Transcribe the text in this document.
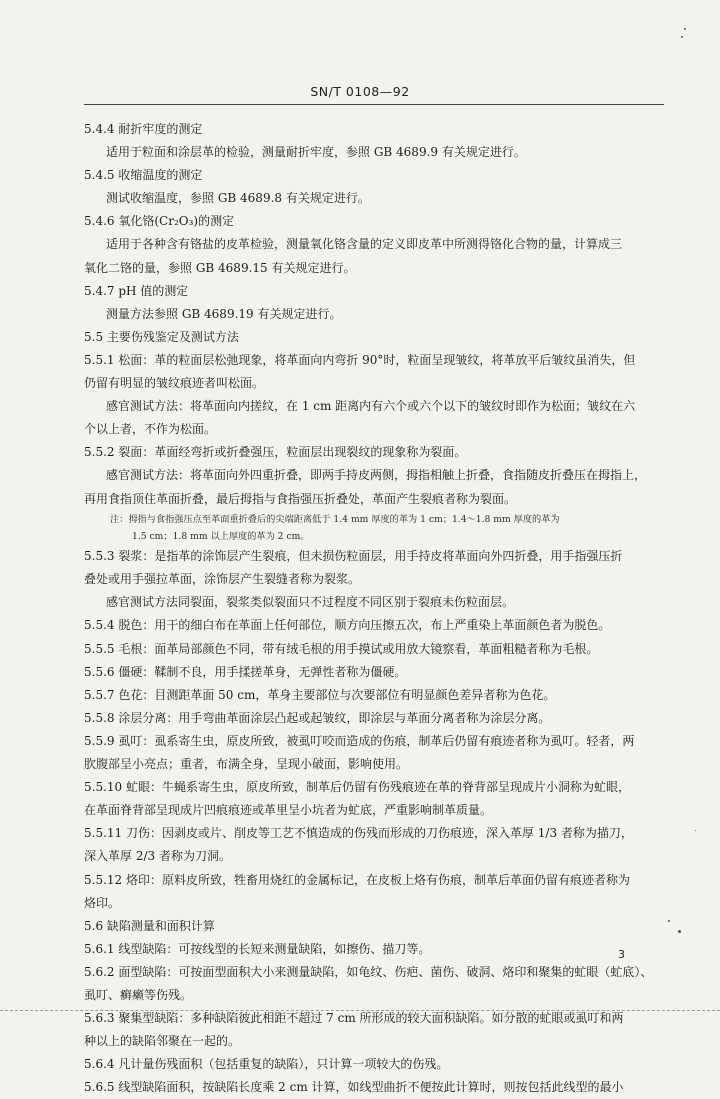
SN/T 0108—92
5.4.4 耐折牢度的测定
适用于粒面和涂层革的检验，测量耐折牢度，参照 GB 4689.9 有关规定进行。
5.4.5 收缩温度的测定
测试收缩温度，参照 GB 4689.8 有关规定进行。
5.4.6 氧化铬(Cr₂O₃)的测定
适用于各种含有铬盐的皮革检验，测量氧化铬含量的定义即皮革中所测得铬化合物的量，计算成三
氧化二铬的量，参照 GB 4689.15 有关规定进行。
5.4.7 pH 值的测定
测量方法参照 GB 4689.19 有关规定进行。
5.5 主要伤残鉴定及测试方法
5.5.1 松面：革的粒面层松弛现象，将革面向内弯折 90°时，粒面呈现皱纹，将革放平后皱纹虽消失，但
仍留有明显的皱纹痕迹者叫松面。
感官测试方法：将革面向内搓纹，在 1 cm 距离内有六个或六个以下的皱纹时即作为松面；皱纹在六
个以上者，不作为松面。
5.5.2 裂面：革面经弯折或折叠强压，粒面层出现裂纹的现象称为裂面。
感官测试方法：将革面向外四重折叠，即两手持皮两侧，拇指相触上折叠，食指随皮折叠压在拇指上，
再用食指顶住革面折叠，最后拇指与食指强压折叠处，革面产生裂痕者称为裂面。
注：拇指与食指强压点至革面重折叠后的尖端距离低于 1.4 mm 厚度的革为 1 cm；1.4～1.8 mm 厚度的革为
1.5 cm；1.8 mm 以上厚度的革为 2 cm。
5.5.3 裂浆：是指革的涂饰层产生裂痕，但未损伤粒面层，用手持皮将革面向外四折叠，用手指强压折
叠处或用手强拉革面，涂饰层产生裂缝者称为裂浆。
感官测试方法同裂面，裂浆类似裂面只不过程度不同区别于裂痕未伤粒面层。
5.5.4 脱色：用干的细白布在革面上任何部位，顺方向压擦五次，布上严重染上革面颜色者为脱色。
5.5.5 毛根：面革局部颜色不同，带有绒毛根的用手摸试或用放大镜察看，革面粗糙者称为毛根。
5.5.6 僵硬：鞣制不良，用手揉搓革身，无弹性者称为僵硬。
5.5.7 色花：目测距革面 50 cm，革身主要部位与次要部位有明显颜色差异者称为色花。
5.5.8 涂层分离：用手弯曲革面涂层凸起或起皱纹，即涂层与革面分离者称为涂层分离。
5.5.9 虱叮：虱系寄生虫，原皮所致，被虱叮咬而造成的伤痕，制革后仍留有痕迹者称为虱叮。轻者，两
肷腹部呈小亮点；重者，布满全身，呈现小破面，影响使用。
5.5.10 虻眼：牛蝇系寄生虫，原皮所致，制革后仍留有伤残痕迹在革的脊背部呈现成片小洞称为虻眼，
在革面脊背部呈现成片凹痕痕迹或革里呈小坑者为虻底，严重影响制革质量。
5.5.11 刀伤：因剥皮或片、削皮等工艺不慎造成的伤残而形成的刀伤痕迹，深入革厚 1/3 者称为描刀，
深入革厚 2/3 者称为刀洞。
5.5.12 烙印：原料皮所致，牲畜用烧红的金属标记，在皮板上烙有伤痕，制革后革面仍留有痕迹者称为
烙印。
5.6 缺陷测量和面积计算
5.6.1 线型缺陷：可按线型的长短来测量缺陷，如擦伤、描刀等。
5.6.2 面型缺陷：可按面型面积大小来测量缺陷，如龟纹、伤疤、菌伤、破洞、烙印和聚集的虻眼（虻底）、
虱叮、癣癞等伤残。
5.6.3 聚集型缺陷：多种缺陷彼此相距不超过 7 cm 所形成的较大面积缺陷。如分散的虻眼或虱叮和两
种以上的缺陷邻聚在一起的。
5.6.4 凡计量伤残面积（包括重复的缺陷），只计算一项较大的伤残。
5.6.5 线型缺陷面积，按缺陷长度乘 2 cm 计算，如线型曲折不便按此计算时，则按包括此线型的最小
3
